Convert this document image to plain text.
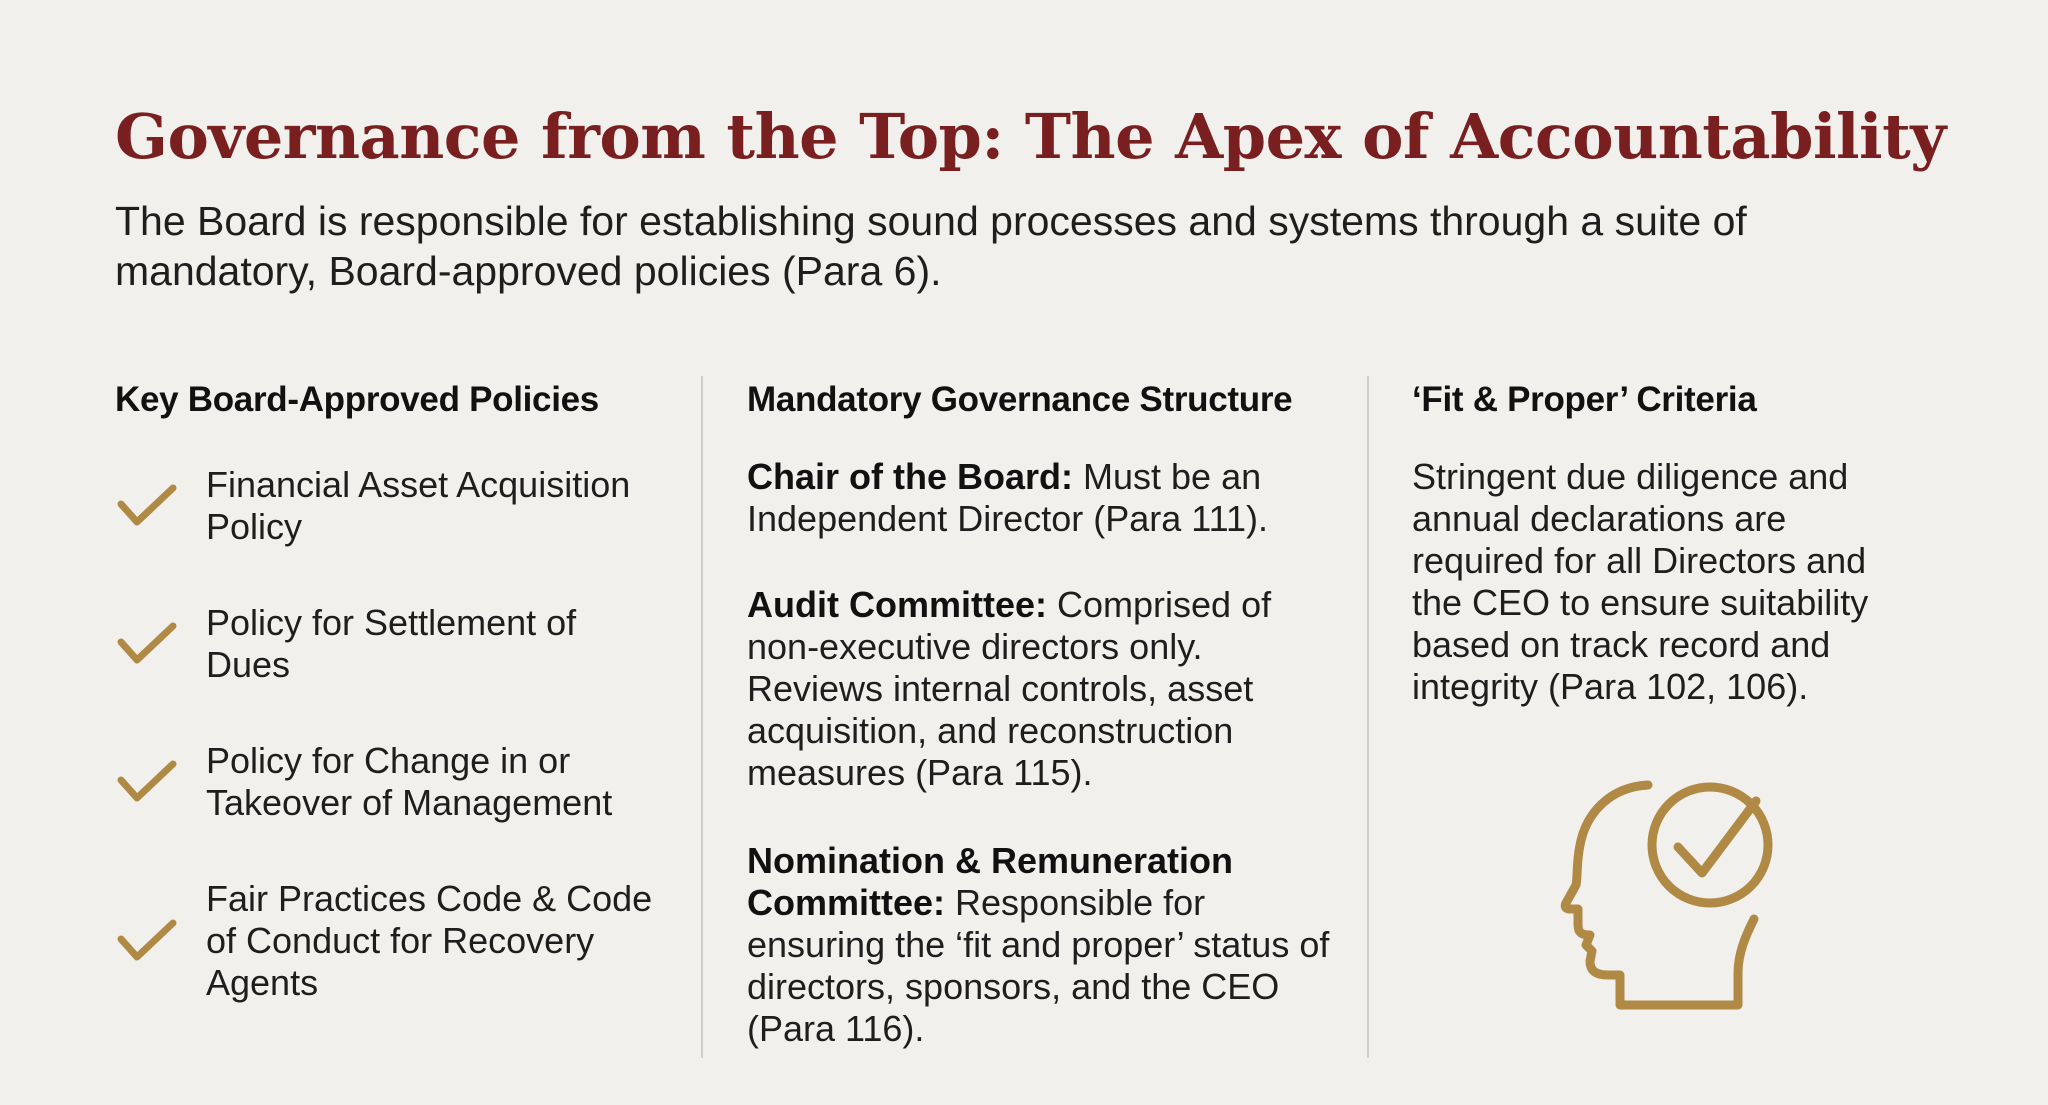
Governance from the Top: The Apex of Accountability

The Board is responsible for establishing sound processes and systems through a suite of mandatory, Board-approved policies (Para 6).

Key Board-Approved Policies
Financial Asset Acquisition Policy
Policy for Settlement of Dues
Policy for Change in or Takeover of Management
Fair Practices Code & Code of Conduct for Recovery Agents
Mandatory Governance Structure

Chair of the Board: Must be an Independent Director (Para 111).

Audit Committee: Comprised of non-executive directors only. Reviews internal controls, asset acquisition, and reconstruction measures (Para 115).

Nomination & Remuneration Committee: Responsible for ensuring the ‘fit and proper’ status of directors, sponsors, and the CEO (Para 116).

‘Fit & Proper’ Criteria

Stringent due diligence and annual declarations are required for all Directors and the CEO to ensure suitability based on track record and integrity (Para 102, 106).
